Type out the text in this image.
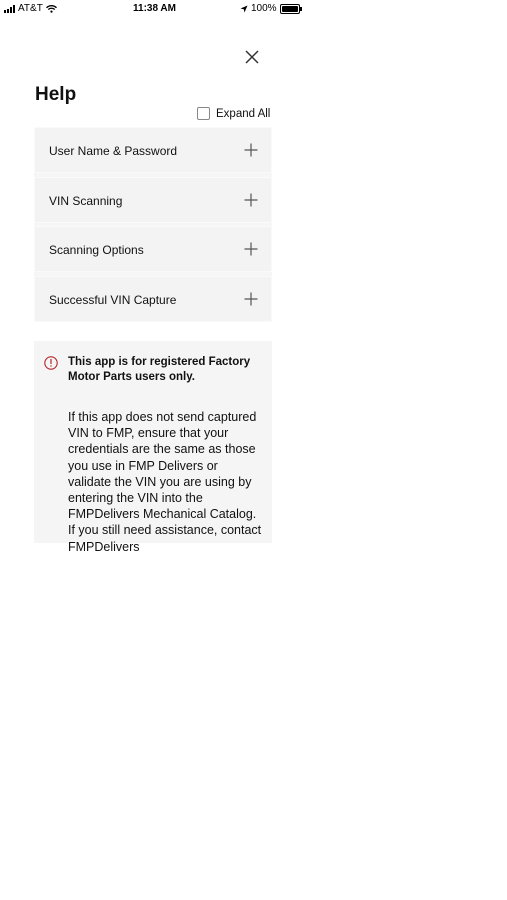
AT&T	11:38 AM	100%
Help
Expand All
User Name & Password
VIN Scanning
Scanning Options
Successful VIN Capture
This app is for registered Factory Motor Parts users only.
If this app does not send captured VIN to FMP, ensure that your credentials are the same as those you use in FMP Delivers or validate the VIN you are using by entering the VIN into the FMPDelivers Mechanical Catalog. If you still need assistance, contact FMPDelivers
